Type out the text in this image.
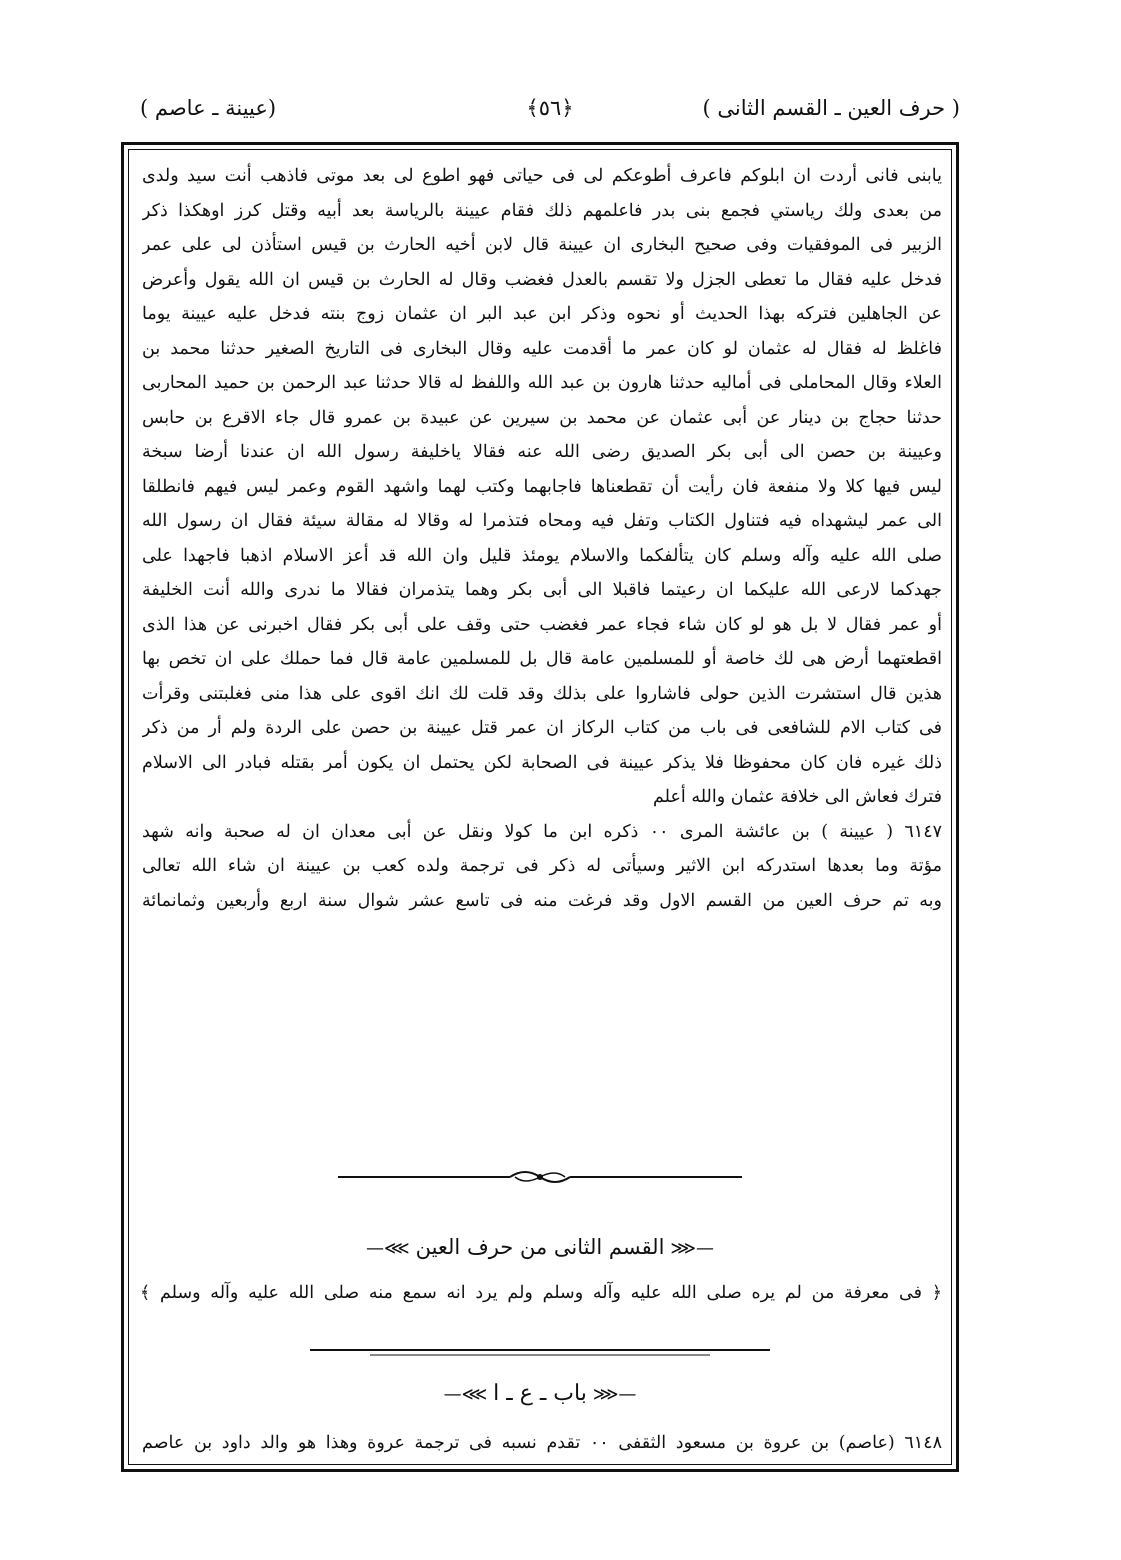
( حرف العين ـ القسم الثانى )
﴿٥٦﴾
(عيينة ـ عاصم )
يابنى فانى أردت ان ابلوكم فاعرف أطوعكم لى فى حياتى فهو اطوع لى بعد موتى فاذهب أنت سيد ولدى
من بعدى ولك رياستي فجمع بنى بدر فاعلمهم ذلك فقام عيينة بالرياسة بعد أبيه وقتل كرز اوهكذا ذكر
الزبير فى الموفقيات وفى صحيح البخارى ان عيينة قال لابن أخيه الحارث بن قيس استأذن لى على عمر
فدخل عليه فقال ما تعطى الجزل ولا تقسم بالعدل فغضب وقال له الحارث بن قيس ان الله يقول وأعرض
عن الجاهلين فتركه بهذا الحديث أو نحوه وذكر ابن عبد البر ان عثمان زوج بنته فدخل عليه عيينة يوما
فاغلظ له فقال له عثمان لو كان عمر ما أقدمت عليه وقال البخارى فى التاريخ الصغير حدثنا محمد بن
العلاء وقال المحاملى فى أماليه حدثنا هارون بن عبد الله واللفظ له قالا حدثنا عبد الرحمن بن حميد المحاربى
حدثنا حجاج بن دينار عن أبى عثمان عن محمد بن سيرين عن عبيدة بن عمرو قال جاء الاقرع بن حابس
وعيينة بن حصن الى أبى بكر الصديق رضى الله عنه فقالا ياخليفة رسول الله ان عندنا أرضا سبخة
ليس فيها كلا ولا منفعة فان رأيت أن تقطعناها فاجابهما وكتب لهما واشهد القوم وعمر ليس فيهم فانطلقا
الى عمر ليشهداه فيه فتناول الكتاب وتفل فيه ومحاه فتذمرا له وقالا له مقالة سيئة فقال ان رسول الله
صلى الله عليه وآله وسلم كان يتألفكما والاسلام يومئذ قليل وان الله قد أعز الاسلام اذهبا فاجهدا على
جهدكما لارعى الله عليكما ان رعيتما فاقبلا الى أبى بكر وهما يتذمران فقالا ما ندرى والله أنت الخليفة
أو عمر فقال لا بل هو لو كان شاء فجاء عمر فغضب حتى وقف على أبى بكر فقال اخبرنى عن هذا الذى
اقطعتهما أرض هى لك خاصة أو للمسلمين عامة قال بل للمسلمين عامة قال فما حملك على ان تخص بها
هذين قال استشرت الذين حولى فاشاروا على بذلك وقد قلت لك انك اقوى على هذا منى فغلبتنى وقرأت
فى كتاب الام للشافعى فى باب من كتاب الركاز ان عمر قتل عيينة بن حصن على الردة ولم أر من ذكر
ذلك غيره فان كان محفوظا فلا يذكر عيينة فى الصحابة لكن يحتمل ان يكون أمر بقتله فبادر الى الاسلام
فترك فعاش الى خلافة عثمان والله أعلم
٦١٤٧ ( عيينة ) بن عائشة المرى ٠٠ ذكره ابن ما كولا ونقل عن أبى معدان ان له صحبة وانه شهد
مؤتة وما بعدها استدركه ابن الاثير وسيأتى له ذكر فى ترجمة ولده كعب بن عيينة ان شاء الله تعالى
وبه تم حرف العين من القسم الاول وقد فرغت منه فى تاسع عشر شوال سنة اربع وأربعين وثمانمائة
—⋘القسم الثانى من حرف العين⋙—
﴿ فى معرفة من لم يره صلى الله عليه وآله وسلم ولم يرد انه سمع منه صلى الله عليه وآله وسلم ﴾
—⋘باب ـ ع ـ ا⋙—
٦١٤٨ (عاصم) بن عروة بن مسعود الثقفى ٠٠ تقدم نسبه فى ترجمة عروة وهذا هو والد داود بن عاصم
